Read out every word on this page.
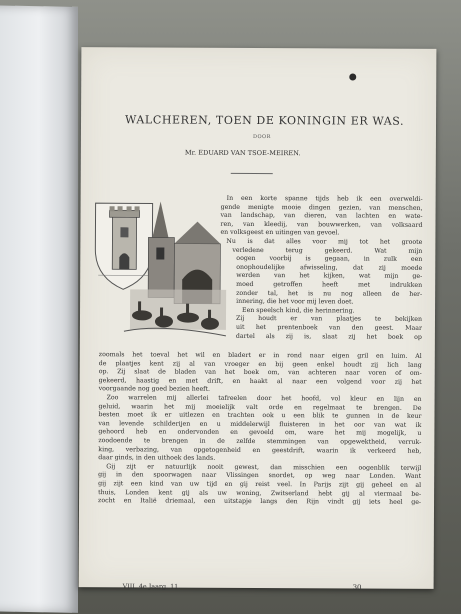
WALCHEREN, TOEN DE KONINGIN ER WAS.
DOOR
Mr. EDUARD VAN TSOE-MEIREN.
In een korte spanne tijds heb ik een overweldi-
gende menigte mooie dingen gezien, van menschen,
van landschap, van dieren, van lachten en wate-
ren, van kleedij, van bouwwerken, van volksaard
en volksgeest en uitingen van gevoel.
Nu is dat alles voor mij tot het groote
verledene terug gekeerd. Wat mijn
oogen voorbij is gegaan, in zulk een
onophoudelijke afwisseling, dat zij moede
werden van het kijken, wat mijn ge-
moed getroffen heeft met indrukken
zonder tal, het is nu nog alleen de her-
innering, die het voor mij leven doet.
Een speelsch kind, die herinnering.
Zij houdt er van plaatjes te bekijken
uit het prentenboek van den geest. Maar
dartel als zij is, slaat zij het boek op
zoomals het toeval het wil en bladert er in rond naar eigen gril en luim. Al
de plaatjes kent zij al van vroeger en bij geen enkel houdt zij lich lang
op. Zij slaat de bladen van het boek om, van achteren naar voren of om-
gekeerd, haastig en met drift, en haakt al naar een volgend voor zij het
voorgaande nog goed bezien heeft.
Zoo warrelen mij allerlei tafreelen door het hoofd, vol kleur en lijn en
geluid, waarin het mij moeielijk valt orde en regelmaat te brengen. De
besten moet ik er uitlezen en trachten ook u een blik te gunnen in de keur
van levende schilderijen en u middelerwijl fluisteren in het oor van wat ik
gehoord heb en ondervonden en gevoeld om, ware het mij mogelijk, u
zoodoende te brengen in de zelfde stemmingen van opgewektheid, verruk-
king, verbazing, van opgetogenheid en geestdrift, waarin ik verkeerd heb,
daar ginds, in den uithoek des lands.
Gij zijt er natuurlijk nooit gewest, dan misschien een oogenblik terwijl
gij in den spoorwagen naar Vlissingen snordet, op weg naar Londen. Want
gij zijt een kind van uw tijd en gij reist veel. In Parijs zijt gij geheel en al
thuis, Londen kent gij als uw woning, Zwitserland hebt gij al viermaal be-
zocht en Italië driemaal, een uitstapje langs den Rijn vindt gij iets heel ge-
VIII. 4e Jaarg. 11.	30
